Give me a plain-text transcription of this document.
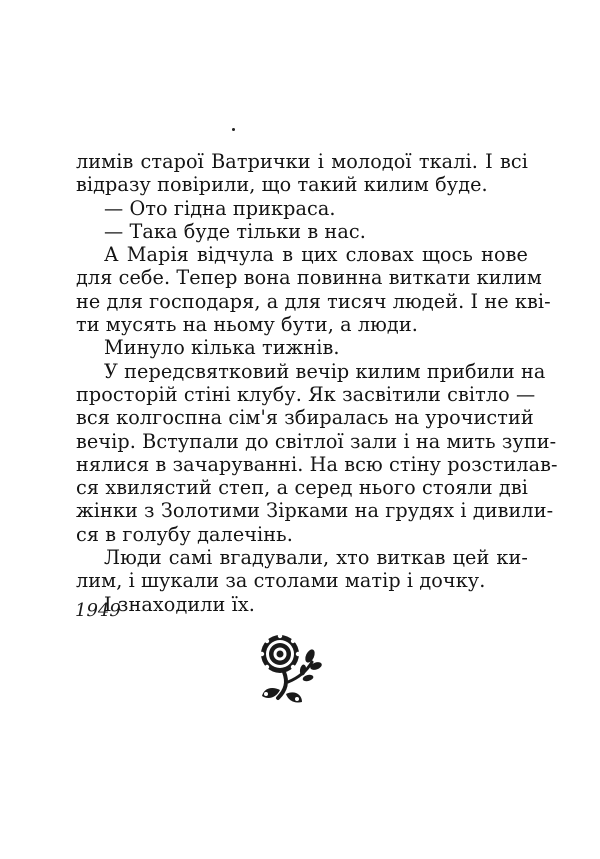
лимів старої Ватрички і молодої ткалі. І всі
відразу повірили, що такий килим буде.
— Ото гідна прикраса.
— Така буде тільки в нас.
А Марія відчула в цих словах щось нове
для себе. Тепер вона повинна виткати килим
не для господаря, а для тисяч людей. І не кві-
ти мусять на ньому бути, а люди.
Минуло кілька тижнів.
У передсвятковий вечір килим прибили на
просторій стіні клубу. Як засвітили світло —
вся колгоспна сім'я збиралась на урочистий
вечір. Вступали до світлої зали і на мить зупи-
нялися в зачаруванні. На всю стіну розстилав-
ся хвилястий степ, а серед нього стояли дві
жінки з Золотими Зірками на грудях і дивили-
ся в голубу далечінь.
Люди самі вгадували, хто виткав цей ки-
лим, і шукали за столами матір і дочку.
І знаходили їх.
1949
